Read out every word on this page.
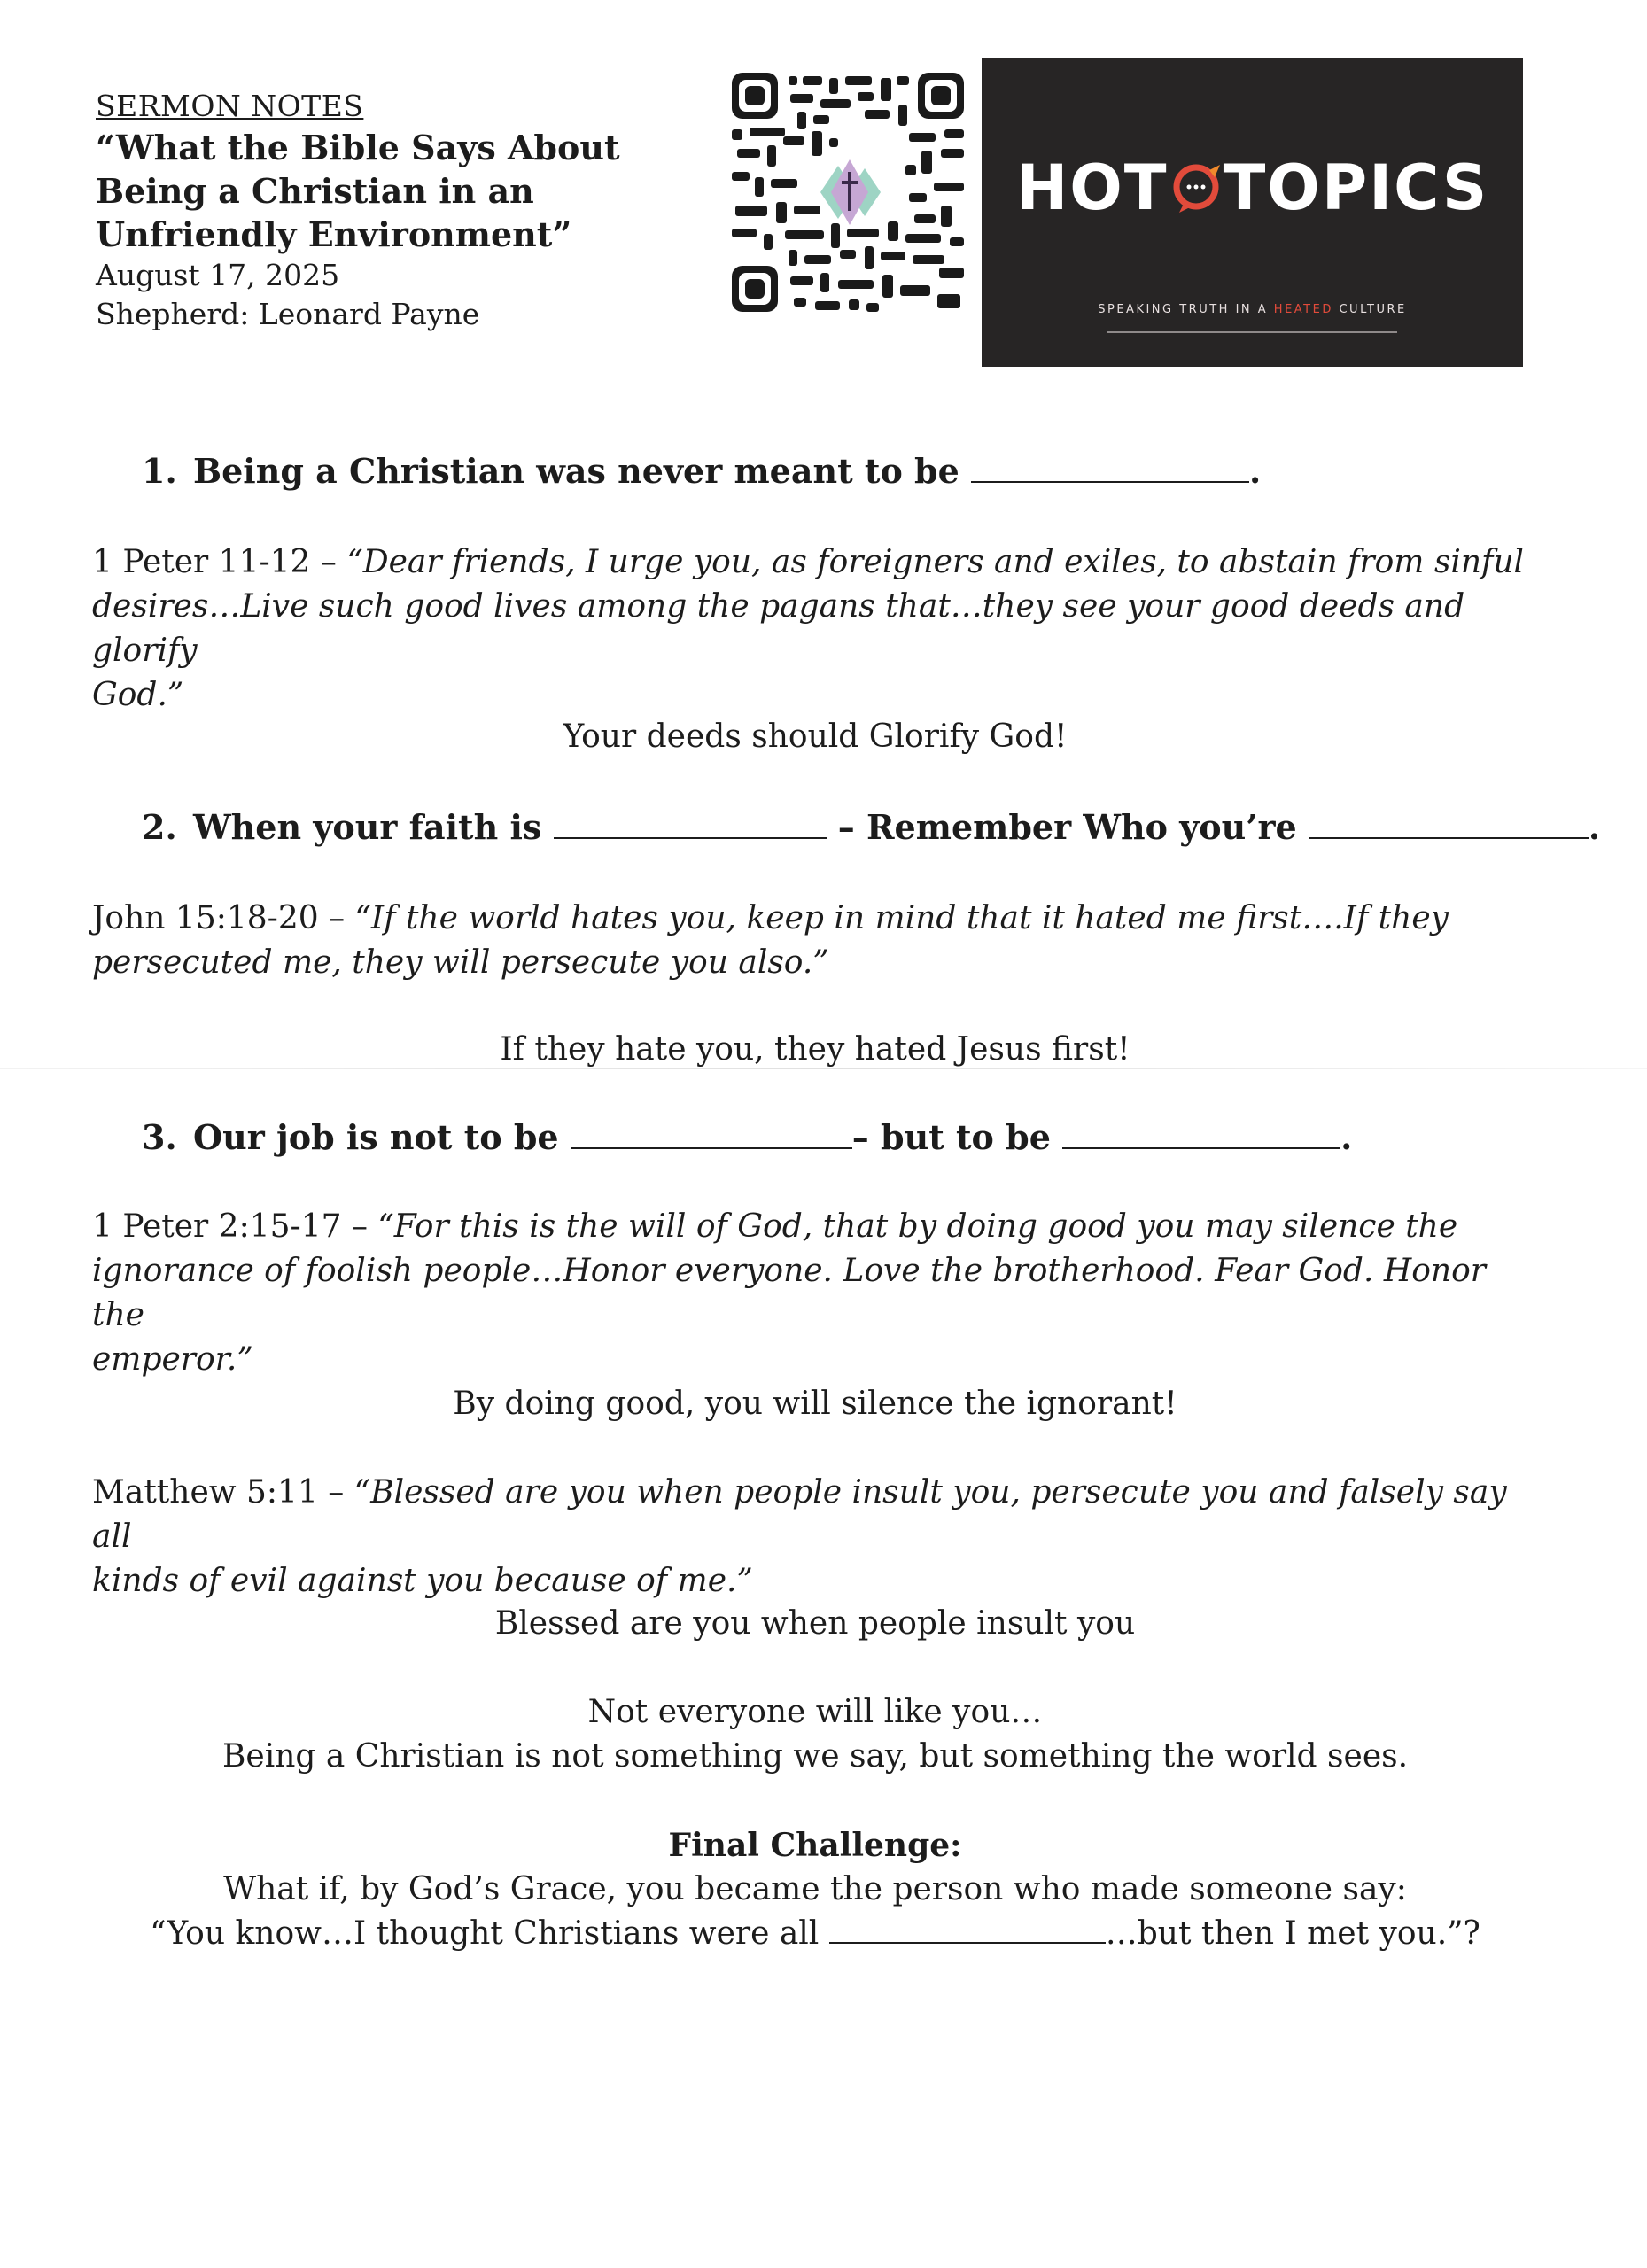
SERMON NOTES
“What the Bible Says About
Being a Christian in an
Unfriendly Environment”
August 17, 2025
Shepherd: Leonard Payne
HOT TOPICS
SPEAKING TRUTH IN A HEATED CULTURE
1. Being a Christian was never meant to be	.
1 Peter 11-12 – “Dear friends, I urge you, as foreigners and exiles, to abstain from sinful
desires…Live such good lives among the pagans that…they see your good deeds and glorify
God.”
Your deeds should Glorify God!
2. When your faith is	– Remember Who you’re	.
John 15:18-20 – “If the world hates you, keep in mind that it hated me first….If they
persecuted me, they will persecute you also.”
If they hate you, they hated Jesus first!
3. Our job is not to be	– but to be	.
1 Peter 2:15-17 – “For this is the will of God, that by doing good you may silence the
ignorance of foolish people…Honor everyone. Love the brotherhood. Fear God. Honor the
emperor.”
By doing good, you will silence the ignorant!
Matthew 5:11 – “Blessed are you when people insult you, persecute you and falsely say all
kinds of evil against you because of me.”
Blessed are you when people insult you
Not everyone will like you…
Being a Christian is not something we say, but something the world sees.
Final Challenge:
What if, by God’s Grace, you became the person who made someone say:
“You know…I thought Christians were all	…but then I met you.”?
